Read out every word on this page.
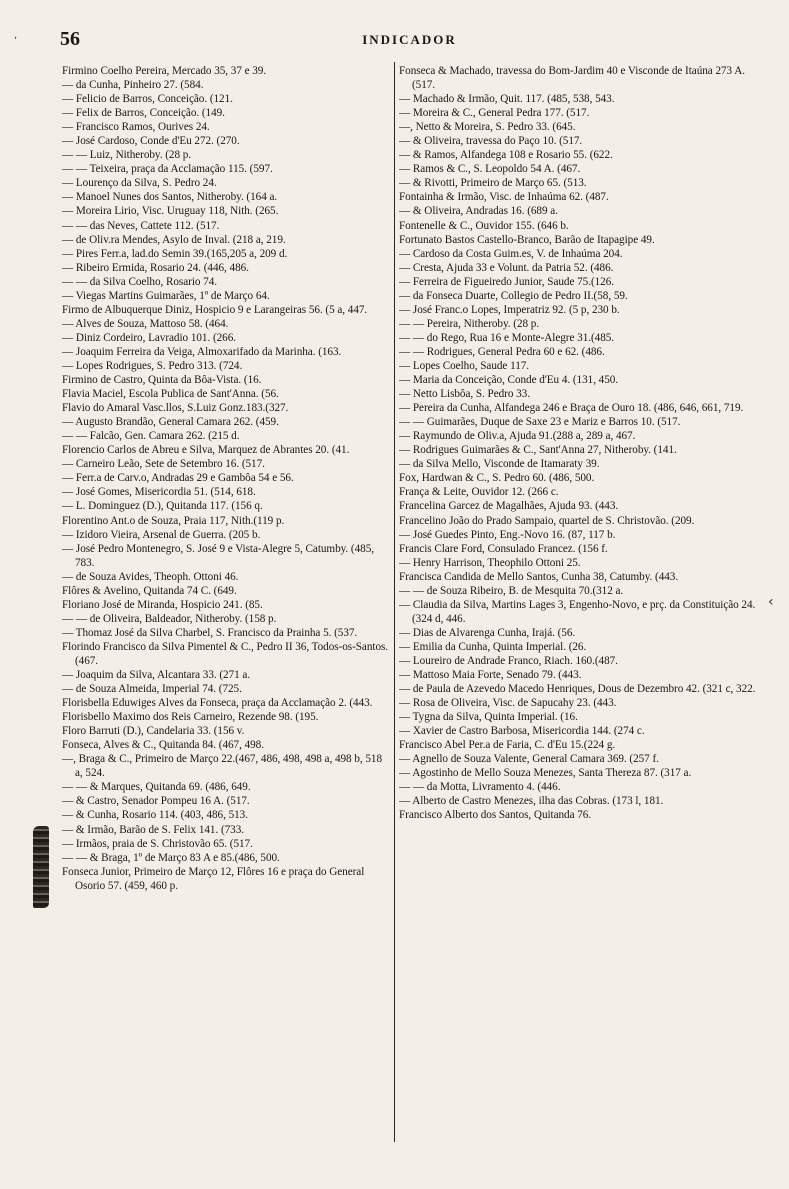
, 56	INDICADOR
Firmino Coelho Pereira, Mercado 35, 37 e 39.
— da Cunha, Pinheiro 27. (584.
— Felicio de Barros, Conceição. (121.
— Felix de Barros, Conceição. (149.
— Francisco Ramos, Ourives 24.
— José Cardoso, Conde d'Eu 272. (270.
— — Luiz, Nitheroby. (28 p.
— — Teixeira, praça da Acclamação 115. (597.
— Lourenço da Silva, S. Pedro 24.
— Manoel Nunes dos Santos, Nitheroby. (164 a.
— Moreira Lirio, Visc. Uruguay 118, Nith. (265.
— — das Neves, Cattete 112. (517.
— de Oliv.ra Mendes, Asylo de Inval. (218 a, 219.
— Pires Ferr.a, lad.do Semin 39.(165,205 a, 209 d.
— Ribeiro Ermida, Rosario 24. (446, 486.
— — da Silva Coelho, Rosario 74.
— Viegas Martins Guimarães, 1º de Março 64.
Firmo de Albuquerque Diniz, Hospicio 9 e Larangeiras 56. (5 a, 447.
— Alves de Souza, Mattoso 58. (464.
— Diniz Cordeiro, Lavradio 101. (266.
— Joaquim Ferreira da Veiga, Almoxarifado da Marinha. (163.
— Lopes Rodrigues, S. Pedro 313. (724.
Firmino de Castro, Quinta da Bôa-Vista. (16.
Flavia Maciel, Escola Publica de Sant'Anna. (56.
Flavio do Amaral Vasc.llos, S.Luiz Gonz.183.(327.
— Augusto Brandão, General Camara 262. (459.
— — Falcão, Gen. Camara 262. (215 d.
Florencio Carlos de Abreu e Silva, Marquez de Abrantes 20. (41.
— Carneiro Leão, Sete de Setembro 16. (517.
— Ferr.a de Carv.o, Andradas 29 e Gambôa 54 e 56.
— José Gomes, Misericordia 51. (514, 618.
— L. Dominguez (D.), Quitanda 117. (156 q.
Florentino Ant.o de Souza, Praia 117, Nith.(119 p.
— Izidoro Vieira, Arsenal de Guerra. (205 b.
— José Pedro Montenegro, S. José 9 e Vista-Alegre 5, Catumby. (485, 783.
— de Souza Avides, Theoph. Ottoni 46.
Flôres & Avelino, Quitanda 74 C. (649.
Floriano José de Miranda, Hospicio 241. (85.
— — de Oliveira, Baldeador, Nitheroby. (158 p.
— Thomaz José da Silva Charbel, S. Francisco da Prainha 5. (537.
Florindo Francisco da Silva Pimentel & C., Pedro II 36, Todos-os-Santos. (467.
— Joaquim da Silva, Alcantara 33. (271 a.
— de Souza Almeida, Imperial 74. (725.
Florisbella Eduwiges Alves da Fonseca, praça da Acclamação 2. (443.
Florisbello Maximo dos Reis Carneiro, Rezende 98. (195.
Floro Barruti (D.), Candelaria 33. (156 v.
Fonseca, Alves & C., Quitanda 84. (467, 498.
—, Braga & C., Primeiro de Março 22.(467, 486, 498, 498 a, 498 b, 518 a, 524.
— — & Marques, Quitanda 69. (486, 649.
— & Castro, Senador Pompeu 16 A. (517.
— & Cunha, Rosario 114. (403, 486, 513.
— & Irmão, Barão de S. Felix 141. (733.
— Irmãos, praia de S. Christovão 65. (517.
— — & Braga, 1º de Março 83 A e 85.(486, 500.
Fonseca Junior, Primeiro de Março 12, Flôres 16 e praça do General Osorio 57. (459, 460 p.
Fonseca & Machado, travessa do Bom-Jardim 40 e Visconde de Itaúna 273 A. (517.
— Machado & Irmão, Quit. 117. (485, 538, 543.
— Moreira & C., General Pedra 177. (517.
—, Netto & Moreira, S. Pedro 33. (645.
— & Oliveira, travessa do Paço 10. (517.
— & Ramos, Alfandega 108 e Rosario 55. (622.
— Ramos & C., S. Leopoldo 54 A. (467.
— & Rivotti, Primeiro de Março 65. (513.
Fontainha & Irmão, Visc. de Inhaúma 62. (487.
— & Oliveira, Andradas 16. (689 a.
Fontenelle & C., Ouvidor 155. (646 b.
Fortunato Bastos Castello-Branco, Barão de Itapagipe 49.
— Cardoso da Costa Guim.es, V. de Inhaúma 204.
— Cresta, Ajuda 33 e Volunt. da Patria 52. (486.
— Ferreira de Figueiredo Junior, Saude 75.(126.
— da Fonseca Duarte, Collegio de Pedro II.(58, 59.
— José Franc.o Lopes, Imperatriz 92. (5 p, 230 b.
— — Pereira, Nitheroby. (28 p.
— — do Rego, Rua 16 e Monte-Alegre 31.(485.
— — Rodrigues, General Pedra 60 e 62. (486.
— Lopes Coelho, Saude 117.
— Maria da Conceição, Conde d'Eu 4. (131, 450.
— Netto Lisbôa, S. Pedro 33.
— Pereira da Cunha, Alfandega 246 e Braça de Ouro 18. (486, 646, 661, 719.
— — Guimarães, Duque de Saxe 23 e Mariz e Barros 10. (517.
— Raymundo de Oliv.a, Ajuda 91.(288 a, 289 a, 467.
— Rodrigues Guimarães & C., Sant'Anna 27, Nitheroby. (141.
— da Silva Mello, Visconde de Itamaraty 39.
Fox, Hardwan & C., S. Pedro 60. (486, 500.
França & Leite, Ouvidor 12. (266 c.
Francelina Garcez de Magalhães, Ajuda 93. (443.
Francelino João do Prado Sampaio, quartel de S. Christovão. (209.
— José Guedes Pinto, Eng.-Novo 16. (87, 117 b.
Francis Clare Ford, Consulado Francez. (156 f.
— Henry Harrison, Theophilo Ottoni 25.
Francisca Candida de Mello Santos, Cunha 38, Catumby. (443.
— — de Souza Ribeiro, B. de Mesquita 70.(312 a.
— Claudia da Silva, Martins Lages 3, Engenho-Novo, e prç. da Constituição 24.(324 d, 446.
— Dias de Alvarenga Cunha, Irajá. (56.
— Emilia da Cunha, Quinta Imperial. (26.
— Loureiro de Andrade Franco, Riach. 160.(487.
— Mattoso Maia Forte, Senado 79. (443.
— de Paula de Azevedo Macedo Henriques, Dous de Dezembro 42. (321 c, 322.
— Rosa de Oliveira, Visc. de Sapucahy 23. (443.
— Tygna da Silva, Quinta Imperial. (16.
— Xavier de Castro Barbosa, Misericordia 144. (274 c.
Francisco Abel Per.a de Faria, C. d'Eu 15.(224 g.
— Agnello de Souza Valente, General Camara 369. (257 f.
— Agostinho de Mello Souza Menezes, Santa Thereza 87. (317 a.
— — da Motta, Livramento 4. (446.
— Alberto de Castro Menezes, ilha das Cobras. (173 l, 181.
Francisco Alberto dos Santos, Quitanda 76.
‹
